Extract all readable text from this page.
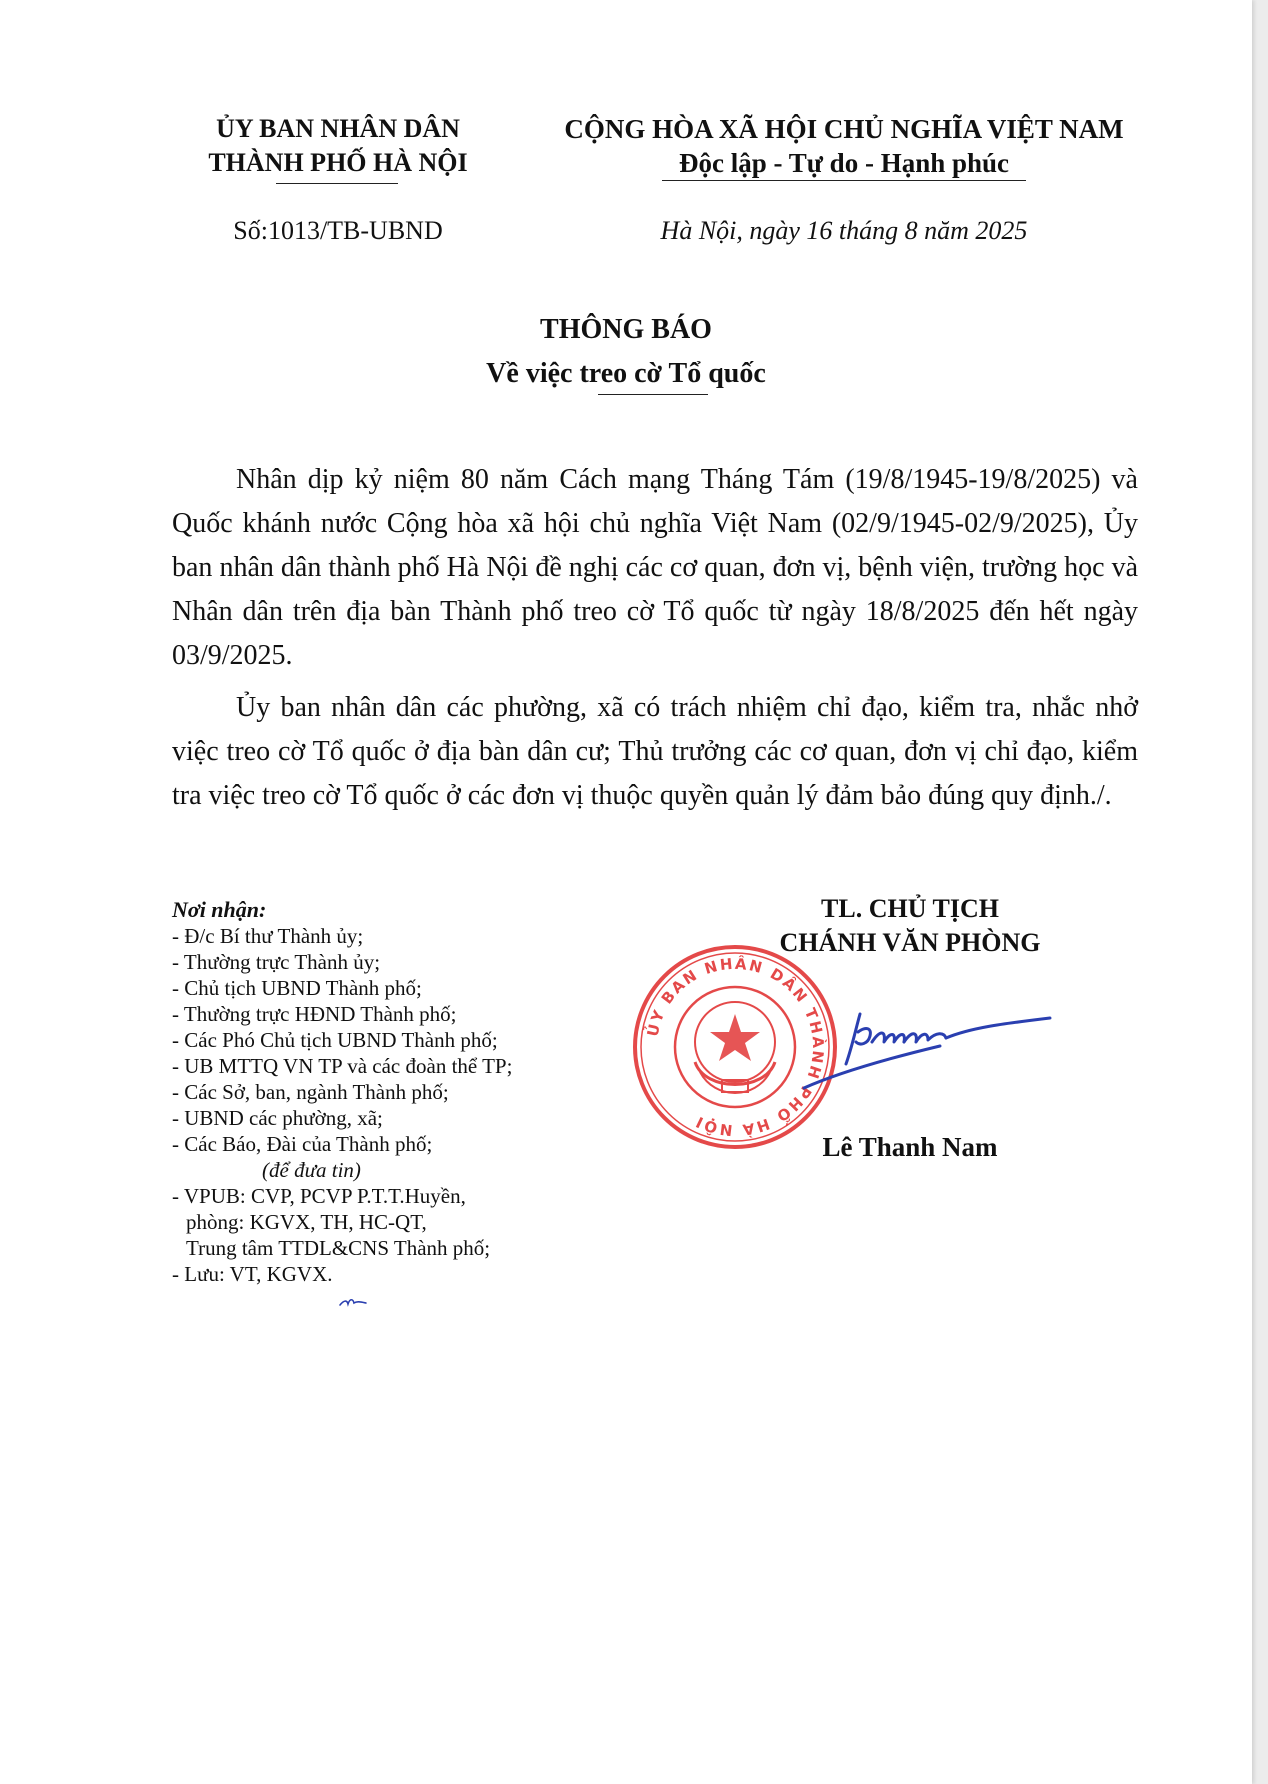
ỦY BAN NHÂN DÂN
THÀNH PHỐ HÀ NỘI
CỘNG HÒA XÃ HỘI CHỦ NGHĨA VIỆT NAM
Độc lập - Tự do - Hạnh phúc
Số:1013/TB-UBND	Hà Nội, ngày 16 tháng 8 năm 2025
THÔNG BÁO
Về việc treo cờ Tổ quốc

Nhân dịp kỷ niệm 80 năm Cách mạng Tháng Tám (19/8/1945-19/8/2025) và Quốc khánh nước Cộng hòa xã hội chủ nghĩa Việt Nam (02/9/1945-02/9/2025), Ủy ban nhân dân thành phố Hà Nội đề nghị các cơ quan, đơn vị, bệnh viện, trường học và Nhân dân trên địa bàn Thành phố treo cờ Tổ quốc từ ngày 18/8/2025 đến hết ngày 03/9/2025.

Ủy ban nhân dân các phường, xã có trách nhiệm chỉ đạo, kiểm tra, nhắc nhở việc treo cờ Tổ quốc ở địa bàn dân cư; Thủ trưởng các cơ quan, đơn vị chỉ đạo, kiểm tra việc treo cờ Tổ quốc ở các đơn vị thuộc quyền quản lý đảm bảo đúng quy định./.

Nơi nhận:
- Đ/c Bí thư Thành ủy;
- Thường trực Thành ủy;
- Chủ tịch UBND Thành phố;
- Thường trực HĐND Thành phố;
- Các Phó Chủ tịch UBND Thành phố;
- UB MTTQ VN TP và các đoàn thể TP;
- Các Sở, ban, ngành Thành phố;
- UBND các phường, xã;
- Các Báo, Đài của Thành phố;
(để đưa tin)
- VPUB: CVP, PCVP P.T.T.Huyền,
phòng: KGVX, TH, HC-QT,
Trung tâm TTDL&CNS Thành phố;
- Lưu: VT, KGVX.
TL. CHỦ TỊCH
CHÁNH VĂN PHÒNG
ỦY BAN NHÂN DÂN THÀNH PHỐ HÀ NỘI
Lê Thanh Nam
